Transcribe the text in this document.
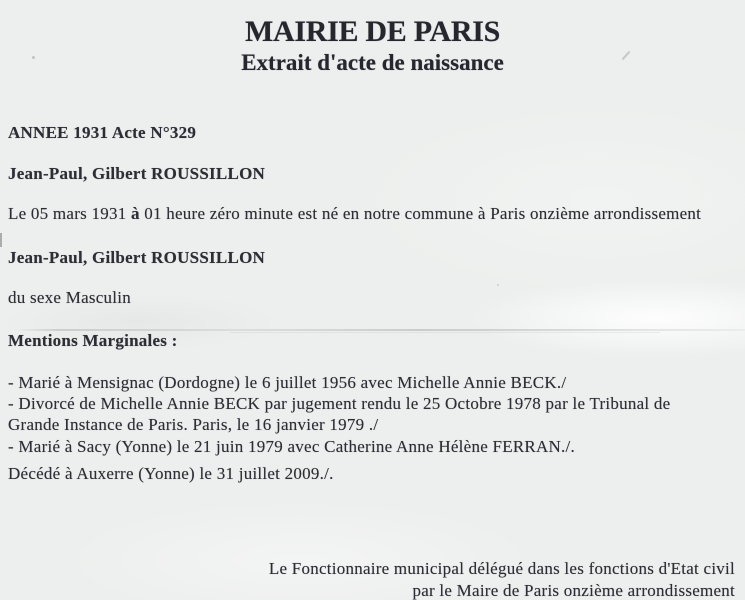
MAIRIE DE PARIS
Extrait d'acte de naissance
ANNEE 1931 Acte N°329
Jean-Paul, Gilbert ROUSSILLON
Le 05 mars 1931 à 01 heure zéro minute est né en notre commune à Paris onzième arrondissement
Jean-Paul, Gilbert ROUSSILLON
du sexe Masculin
Mentions Marginales :
- Marié à Mensignac (Dordogne) le 6 juillet 1956 avec Michelle Annie BECK./
- Divorcé de Michelle Annie BECK par jugement rendu le 25 Octobre 1978 par le Tribunal de
Grande Instance de Paris. Paris, le 16 janvier 1979 ./
- Marié à Sacy (Yonne) le 21 juin 1979 avec Catherine Anne Hélène FERRAN./.
Décédé à Auxerre (Yonne) le 31 juillet 2009./.
Le Fonctionnaire municipal délégué dans les fonctions d'Etat civil
par le Maire de Paris onzième arrondissement
